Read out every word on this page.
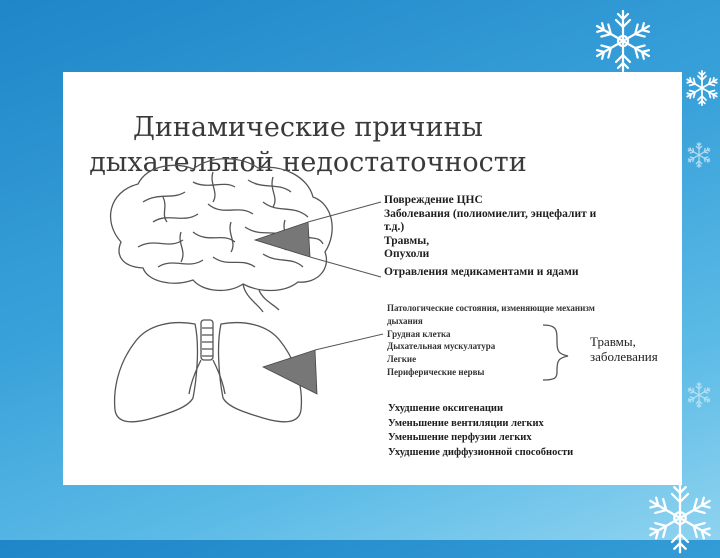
Динамические причины
дыхательной недостаточности
Повреждение ЦНС
Заболевания (полиомиелит, энцефалит и
т.д.)
Травмы,
Опухоли
Отравления медикаментами и ядами
Патологические состояния, изменяющие механизм
дыхания
Грудная клетка
Дыхательная мускулатура
Легкие
Периферические нервы
Травмы,
заболевания
Ухудшение оксигенации
Уменьшение вентиляции легких
Уменьшение перфузии легких
Ухудшение диффузионной способности
